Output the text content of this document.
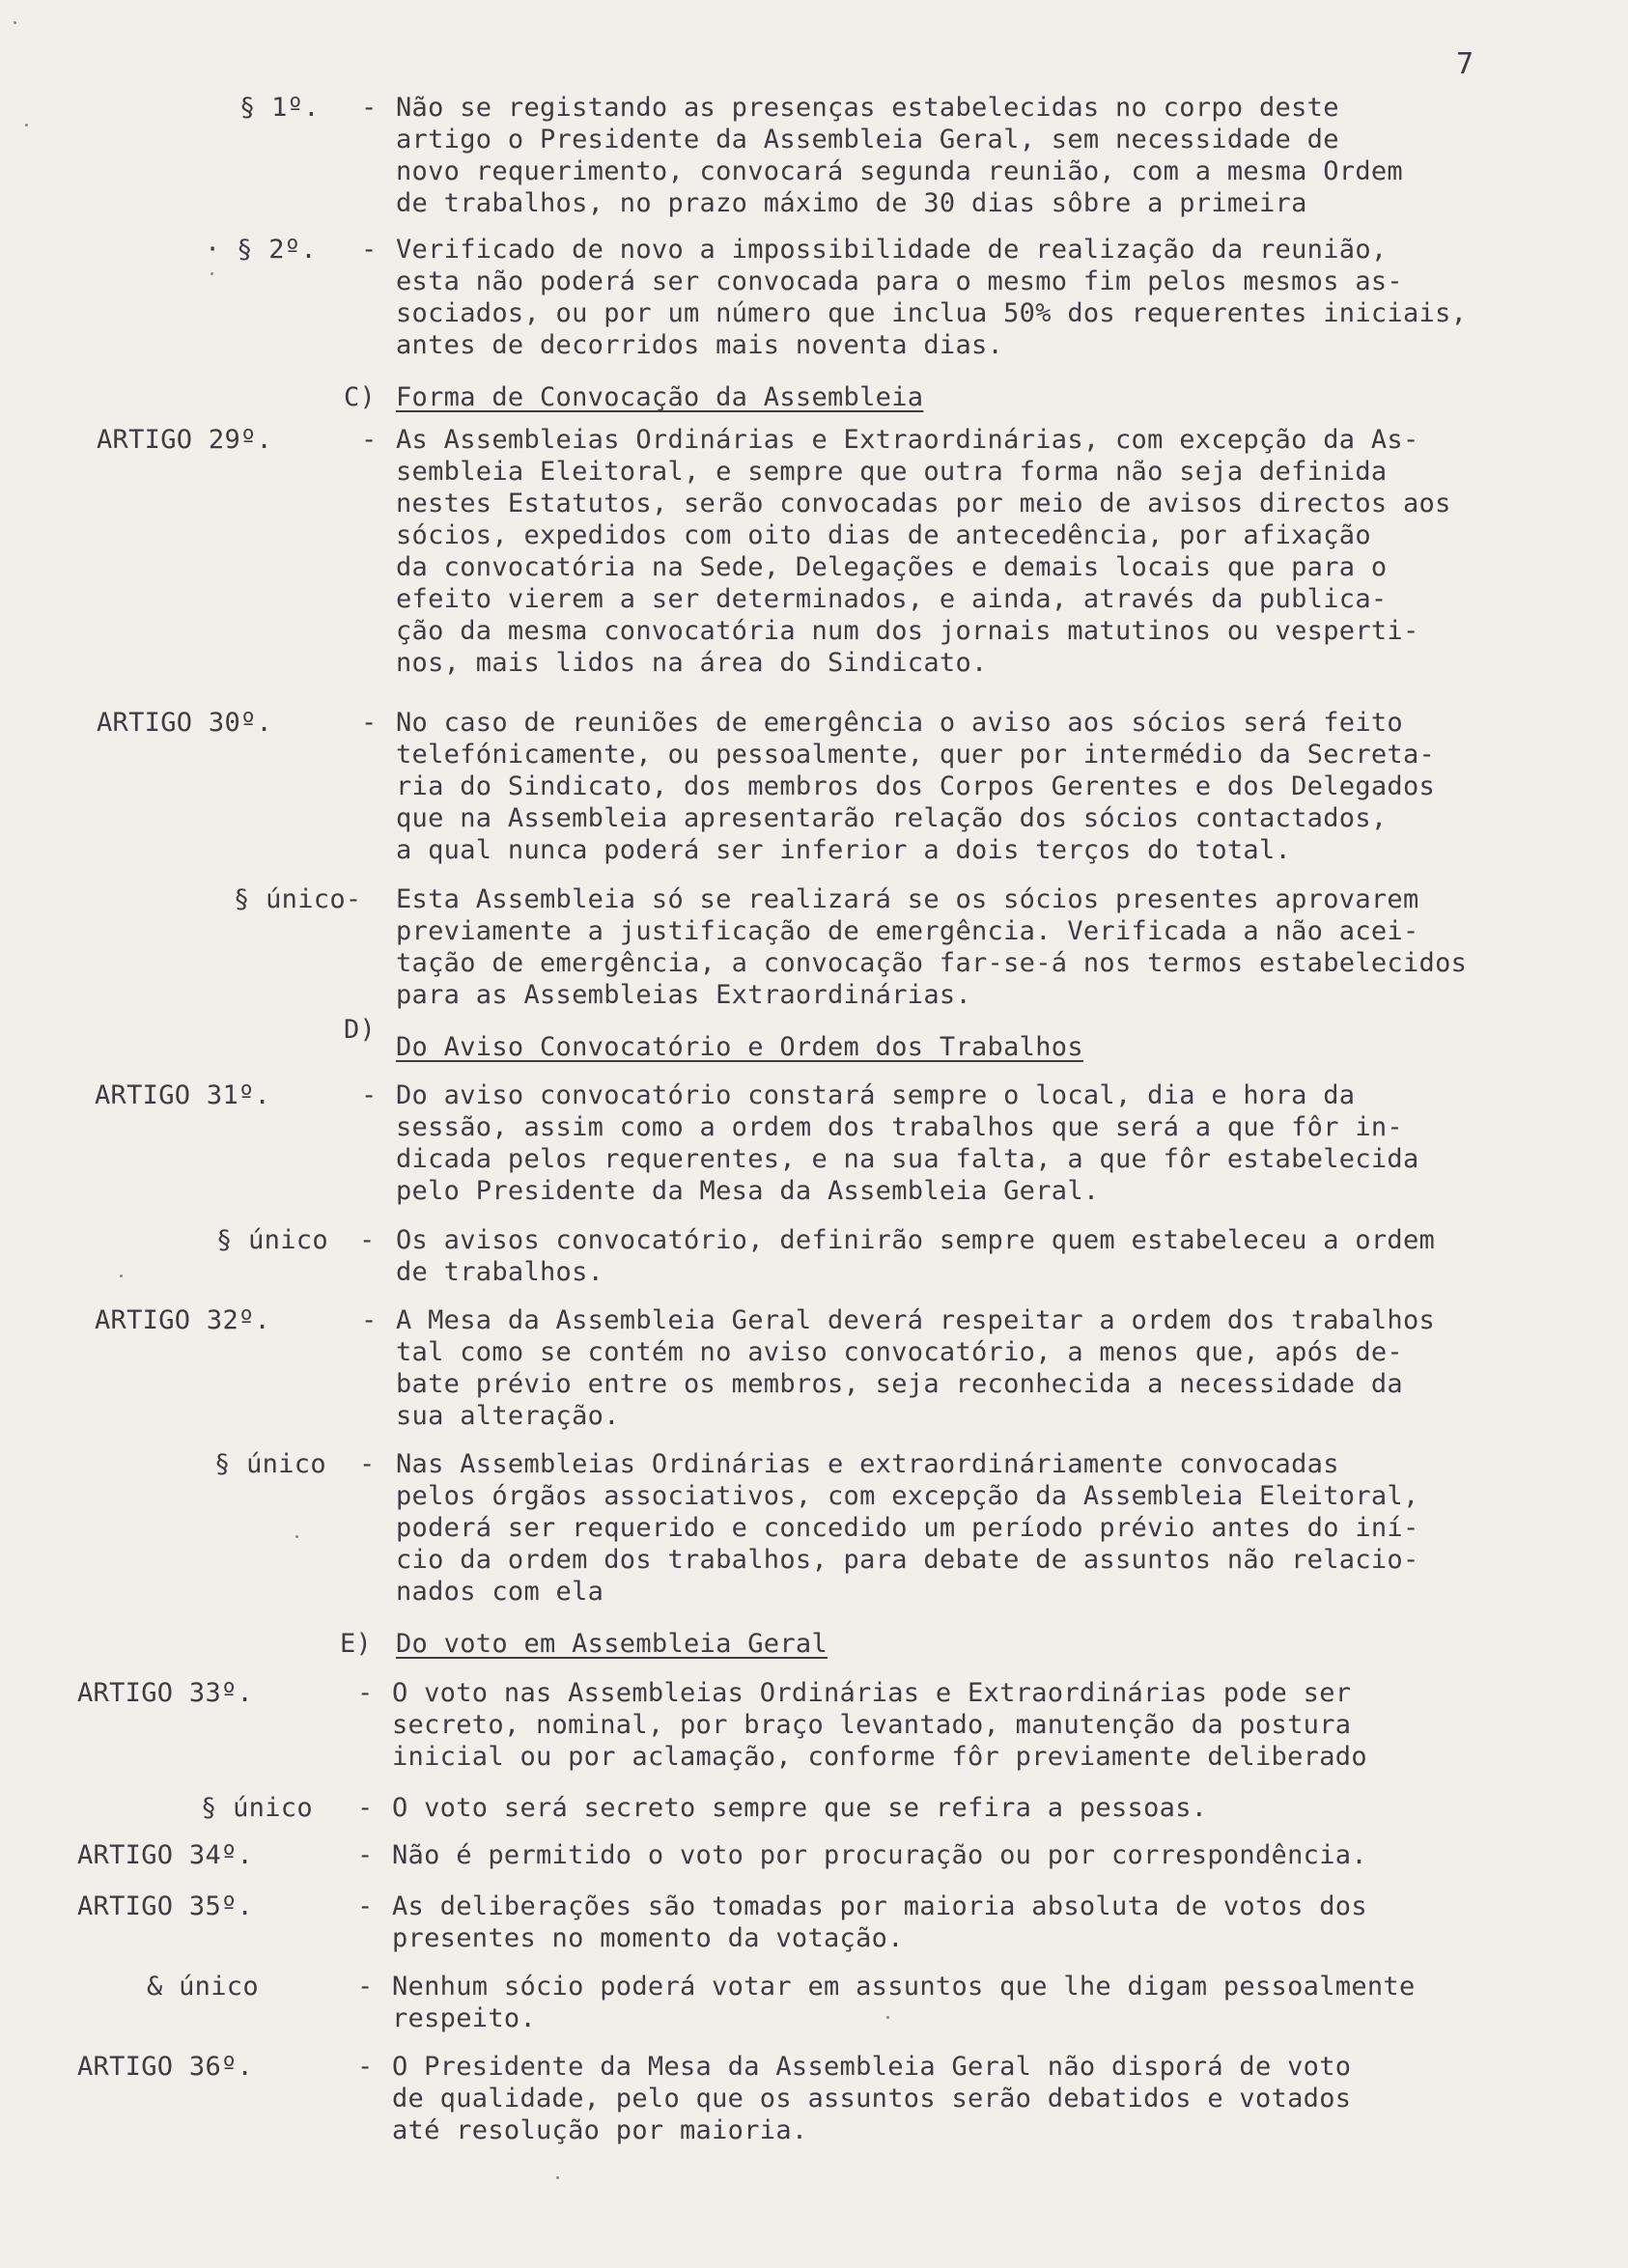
7
§ 1º. - Não se registando as presenças estabelecidas no corpo deste
artigo o Presidente da Assembleia Geral, sem necessidade de
novo requerimento, convocará segunda reunião, com a mesma Ordem
de trabalhos, no prazo máximo de 30 dias sôbre a primeira
· § 2º. - Verificado de novo a impossibilidade de realização da reunião,
esta não poderá ser convocada para o mesmo fim pelos mesmos as-
sociados, ou por um número que inclua 50% dos requerentes iniciais,
antes de decorridos mais noventa dias.
C) Forma de Convocação da Assembleia
ARTIGO 29º.	- As Assembleias Ordinárias e Extraordinárias, com excepção da As-
sembleia Eleitoral, e sempre que outra forma não seja definida
nestes Estatutos, serão convocadas por meio de avisos directos aos
sócios, expedidos com oito dias de antecedência, por afixação
da convocatória na Sede, Delegações e demais locais que para o
efeito vierem a ser determinados, e ainda, através da publica-
ção da mesma convocatória num dos jornais matutinos ou vesperti-
nos, mais lidos na área do Sindicato.
ARTIGO 30º.	- No caso de reuniões de emergência o aviso aos sócios será feito
telefónicamente, ou pessoalmente, quer por intermédio da Secreta-
ria do Sindicato, dos membros dos Corpos Gerentes e dos Delegados
que na Assembleia apresentarão relação dos sócios contactados,
a qual nunca poderá ser inferior a dois terços do total.
§ único- Esta Assembleia só se realizará se os sócios presentes aprovarem
previamente a justificação de emergência. Verificada a não acei-
tação de emergência, a convocação far-se-á nos termos estabelecidos
para as Assembleias Extraordinárias.
D)
Do Aviso Convocatório e Ordem dos Trabalhos
ARTIGO 31º.	- Do aviso convocatório constará sempre o local, dia e hora da
sessão, assim como a ordem dos trabalhos que será a que fôr in-
dicada pelos requerentes, e na sua falta, a que fôr estabelecida
pelo Presidente da Mesa da Assembleia Geral.
§ único - Os avisos convocatório, definirão sempre quem estabeleceu a ordem
de trabalhos.
ARTIGO 32º.	- A Mesa da Assembleia Geral deverá respeitar a ordem dos trabalhos
tal como se contém no aviso convocatório, a menos que, após de-
bate prévio entre os membros, seja reconhecida a necessidade da
sua alteração.
§ único - Nas Assembleias Ordinárias e extraordináriamente convocadas
pelos órgãos associativos, com excepção da Assembleia Eleitoral,
poderá ser requerido e concedido um período prévio antes do iní-
cio da ordem dos trabalhos, para debate de assuntos não relacio-
nados com ela
E) Do voto em Assembleia Geral
ARTIGO 33º.	- O voto nas Assembleias Ordinárias e Extraordinárias pode ser
secreto, nominal, por braço levantado, manutenção da postura
inicial ou por aclamação, conforme fôr previamente deliberado
§ único - O voto será secreto sempre que se refira a pessoas.
ARTIGO 34º.	- Não é permitido o voto por procuração ou por correspondência.
ARTIGO 35º.	- As deliberações são tomadas por maioria absoluta de votos dos
presentes no momento da votação.
& único	- Nenhum sócio poderá votar em assuntos que lhe digam pessoalmente
respeito.
ARTIGO 36º.	- O Presidente da Mesa da Assembleia Geral não disporá de voto
de qualidade, pelo que os assuntos serão debatidos e votados
até resolução por maioria.
